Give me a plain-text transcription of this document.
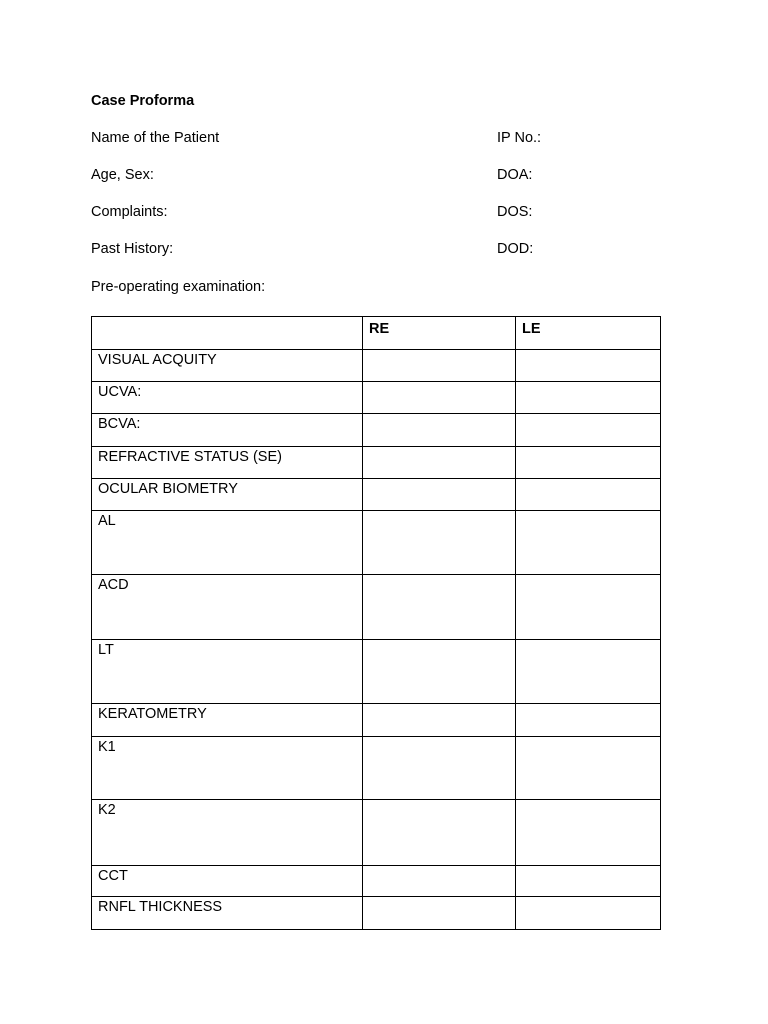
Case Proforma
Name of the Patient	IP No.:
Age, Sex:	DOA:
Complaints:	DOS:
Past History:	DOD:
Pre-operating examination:
	RE	LE
VISUAL ACQUITY		
UCVA:		
BCVA:		
REFRACTIVE STATUS (SE)		
OCULAR BIOMETRY		
AL		
ACD		
LT		
KERATOMETRY		
K1		
K2		
CCT		
RNFL THICKNESS		
